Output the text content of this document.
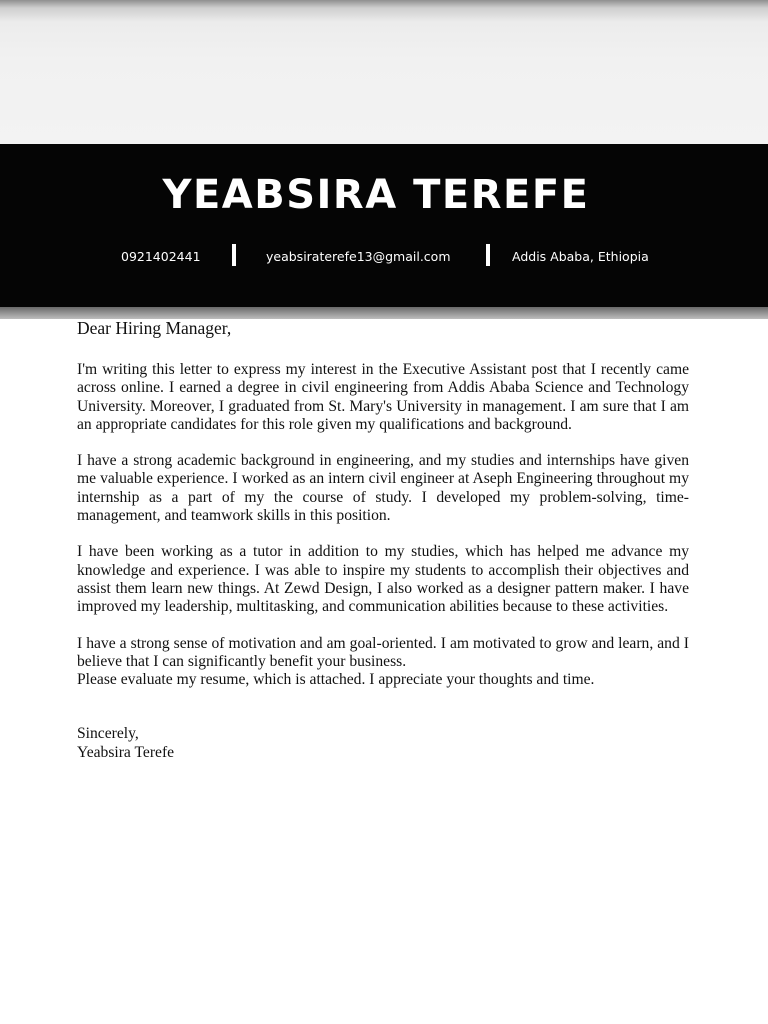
YEABSIRA TEREFE
0921402441	yeabsiraterefe13@gmail.com	Addis Ababa, Ethiopia

Dear Hiring Manager,

I'm writing this letter to express my interest in the Executive Assistant post that I recently came across online. I earned a degree in civil engineering from Addis Ababa Science and Technology University. Moreover, I graduated from St. Mary's University in management. I am sure that I am an appropriate candidates for this role given my qualifications and background.

I have a strong academic background in engineering, and my studies and internships have given me valuable experience. I worked as an intern civil engineer at Aseph Engineering throughout my internship as a part of my the course of study. I developed my problem-solving, time-management, and teamwork skills in this position.

I have been working as a tutor in addition to my studies, which has helped me advance my knowledge and experience. I was able to inspire my students to accomplish their objectives and assist them learn new things. At Zewd Design, I also worked as a designer pattern maker. I have improved my leadership, multitasking, and communication abilities because to these activities.

I have a strong sense of motivation and am goal-oriented. I am motivated to grow and learn, and I believe that I can significantly benefit your business.

Please evaluate my resume, which is attached. I appreciate your thoughts and time.

Sincerely,
Yeabsira Terefe
